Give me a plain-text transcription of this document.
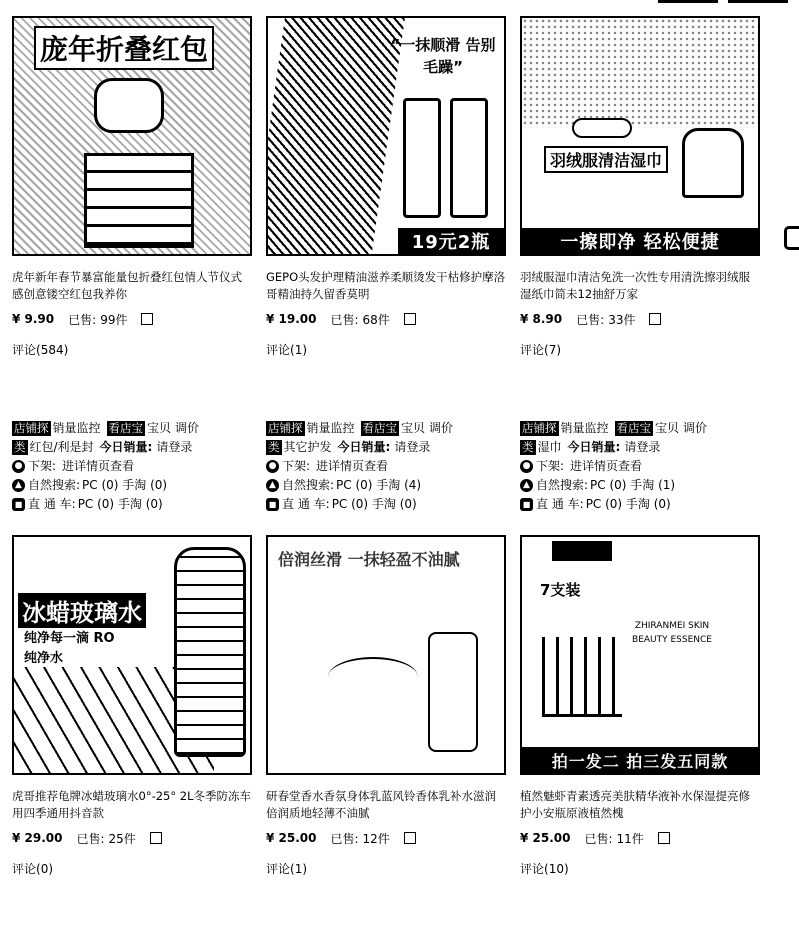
庞年折叠红包
虎年新年春节暴富能量包折叠红包情人节仪式感创意镂空红包我养你
¥ 9.90 已售: 99件
评论(584)
店铺探 销量监控 看店宝 宝贝 调价
类 红包/利是封 今日销量: 请登录
● 下架: 进详情页查看
▲ 自然搜索: PC (0) 手淘 (0)
■ 直 通 车: PC (0) 手淘 (0)
“一抹顺滑 告别毛躁”
19元2瓶
GEPO头发护理精油滋养柔顺烫发干枯修护摩洛哥精油持久留香莫明
¥ 19.00 已售: 68件
评论(1)
店铺探 销量监控 看店宝 宝贝 调价
类 其它护发 今日销量: 请登录
● 下架: 进详情页查看
▲ 自然搜索: PC (0) 手淘 (4)
■ 直 通 车: PC (0) 手淘 (0)
羽绒服清洁湿巾
一擦即净 轻松便捷
羽绒服湿巾清洁免洗一次性专用清洗擦羽绒服湿纸巾简未12抽舒万家
¥ 8.90 已售: 33件
评论(7)
店铺探 销量监控 看店宝 宝贝 调价
类 湿巾 今日销量: 请登录
● 下架: 进详情页查看
▲ 自然搜索: PC (0) 手淘 (1)
■ 直 通 车: PC (0) 手淘 (0)
冰蜡玻璃水
纯净每一滴 RO纯净水
虎哥推荐龟牌冰蜡玻璃水0°-25° 2L冬季防冻车用四季通用抖音款
¥ 29.00 已售: 25件
评论(0)
倍润丝滑 一抹轻盈不油腻
研春堂香水香氛身体乳蓝风铃香体乳补水滋润倍润质地轻薄不油腻
¥ 25.00 已售: 12件
评论(1)
7支装
ZHIRANMEI SKIN BEAUTY ESSENCE
拍一发二 拍三发五同款
植然魅虾青素透亮美肤精华液补水保湿提亮修护小安瓶原液植然槐
¥ 25.00 已售: 11件
评论(10)
